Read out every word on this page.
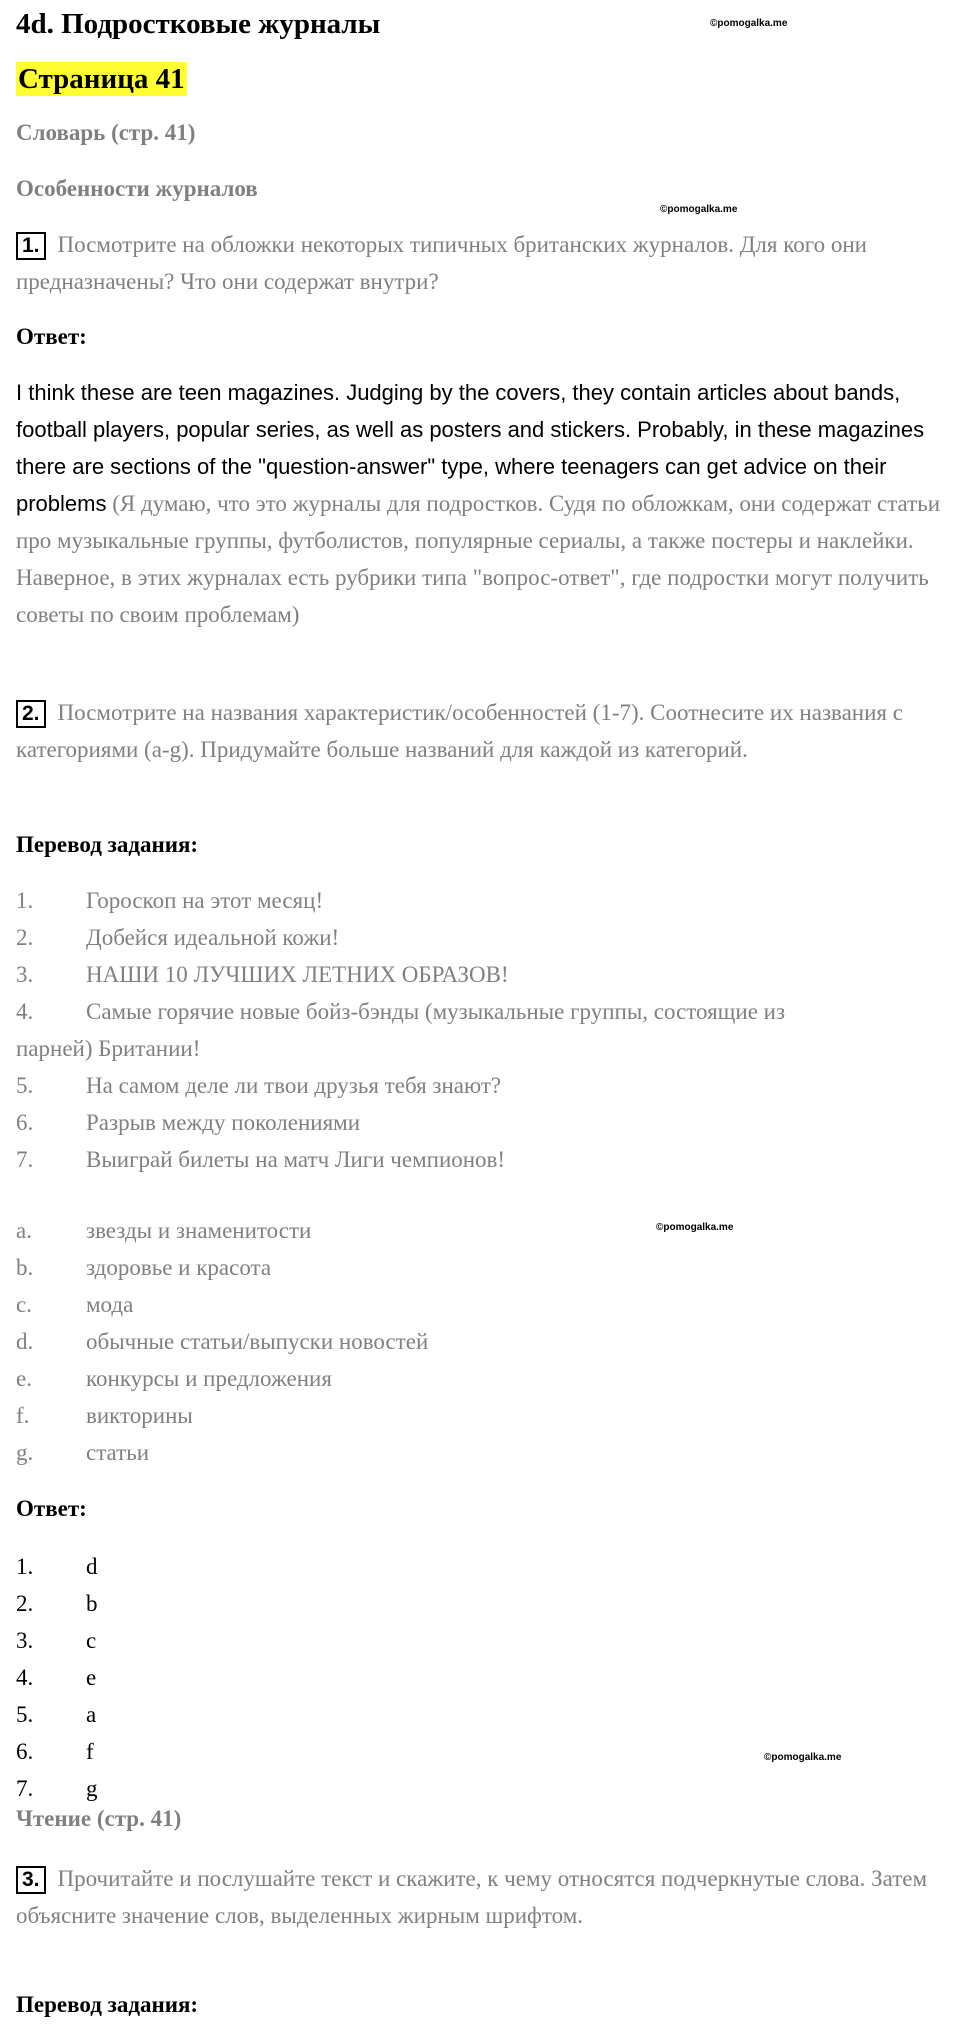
4d. Подростковые журналы	©pomogalka.me
Страница 41
Словарь (стр. 41)
Особенности журналов
©pomogalka.me
1. Посмотрите на обложки некоторых типичных британских журналов. Для кого они предназначены? Что они содержат внутри?
Ответ:
I think these are teen magazines. Judging by the covers, they contain articles about bands, football players, popular series, as well as posters and stickers. Probably, in these magazines there are sections of the "question-answer" type, where teenagers can get advice on their problems (Я думаю, что это журналы для подростков. Судя по обложкам, они содержат статьи про музыкальные группы, футболистов, популярные сериалы, а также постеры и наклейки. Наверное, в этих журналах есть рубрики типа "вопрос-ответ", где подростки могут получить советы по своим проблемам)
2. Посмотрите на названия характеристик/особенностей (1-7). Соотнесите их названия с категориями (a-g). Придумайте больше названий для каждой из категорий.
Перевод задания:
1.	Гороскоп на этот месяц!
2.	Добейся идеальной кожи!
3.	НАШИ 10 ЛУЧШИХ ЛЕТНИХ ОБРАЗОВ!
4.	Самые горячие новые бойз-бэнды (музыкальные группы, состоящие из
парней) Британии!
5.	На самом деле ли твои друзья тебя знают?
6.	Разрыв между поколениями
7.	Выиграй билеты на матч Лиги чемпионов!
a.	звезды и знаменитости
b.	здоровье и красота
c.	мода
d.	обычные статьи/выпуски новостей
e.	конкурсы и предложения
f.	викторины
g.	статьи
©pomogalka.me
Ответ:
1.	d
2.	b
3.	c
4.	e
5.	a
6.	f
7.	g
©pomogalka.me
Чтение (стр. 41)
3. Прочитайте и послушайте текст и скажите, к чему относятся подчеркнутые слова. Затем объясните значение слов, выделенных жирным шрифтом.
Перевод задания:
